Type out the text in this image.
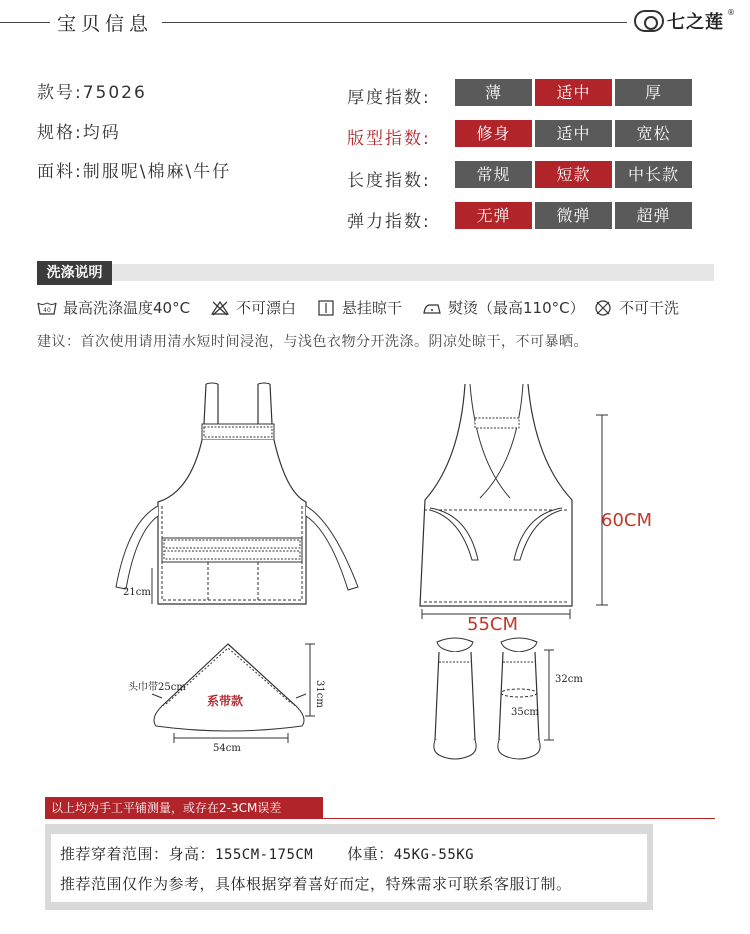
宝贝信息	七之莲 ®
款号:75026
规格:均码
面料:制服呢\棉麻\牛仔
厚度指数:	薄	适中	厚
版型指数:	修身	适中	宽松
长度指数:	常规	短款	中长款
弹力指数:	无弹	微弹	超弹
洗涤说明
40 最高洗涤温度40°C	不可漂白	悬挂晾干	熨烫（最高110°C） 不可干洗
建议：首次使用请用清水短时间浸泡，与浅色衣物分开洗涤。阴凉处晾干，不可暴晒。
21cm
60CM
55CM
头巾带25cm
系带款	31cm
54cm
32cm
35cm
以上均为手工平铺测量，或存在2-3CM误差
推荐穿着范围：身高：155CM-175CM 体重：45KG-55KG
推荐范围仅作为参考，具体根据穿着喜好而定，特殊需求可联系客服订制。
